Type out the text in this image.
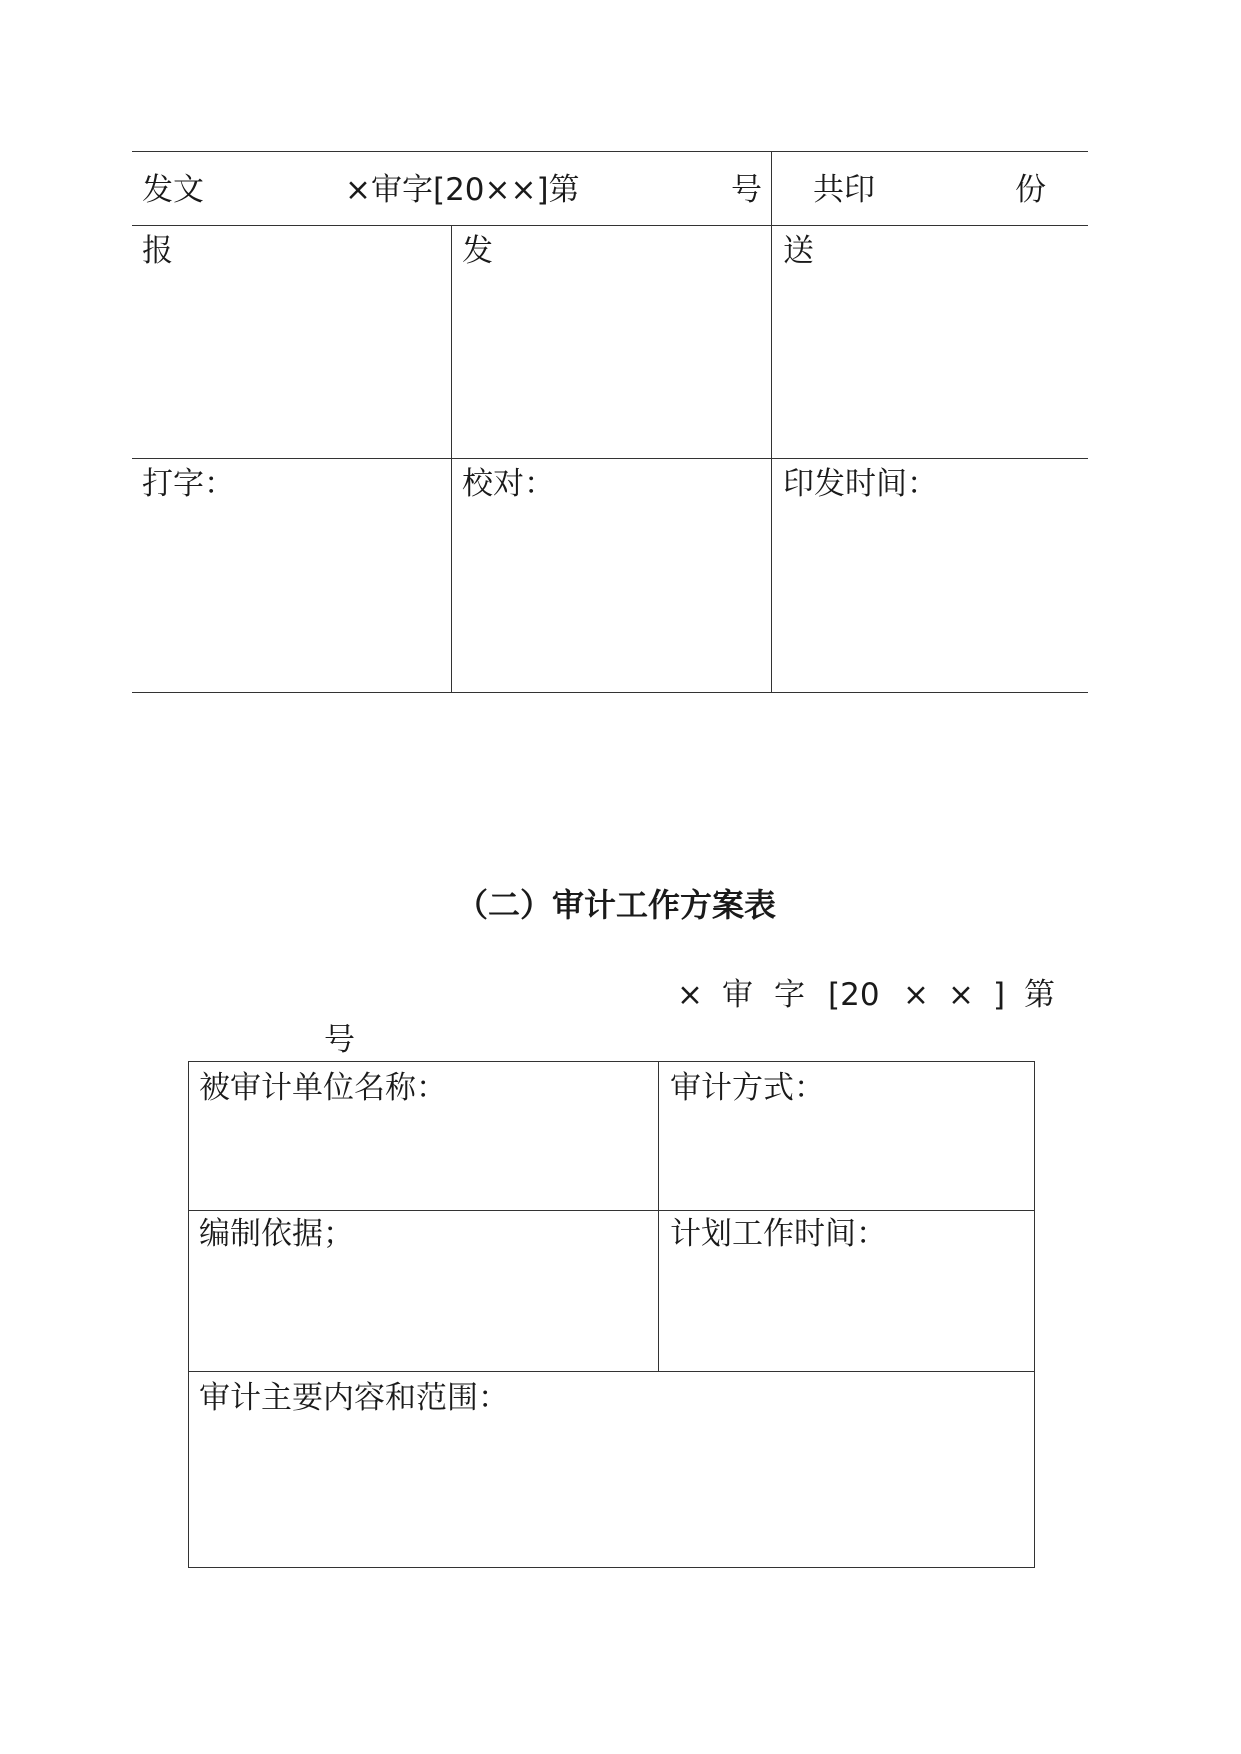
发文	×审字[20××]第	号 共印	份
报	发	送
打字：	校对：	印发时间：
（二）审计工作方案表
× 审 字 [20 × × ] 第
号
被审计单位名称：	审计方式：
编制依据；	计划工作时间：
审计主要内容和范围：
